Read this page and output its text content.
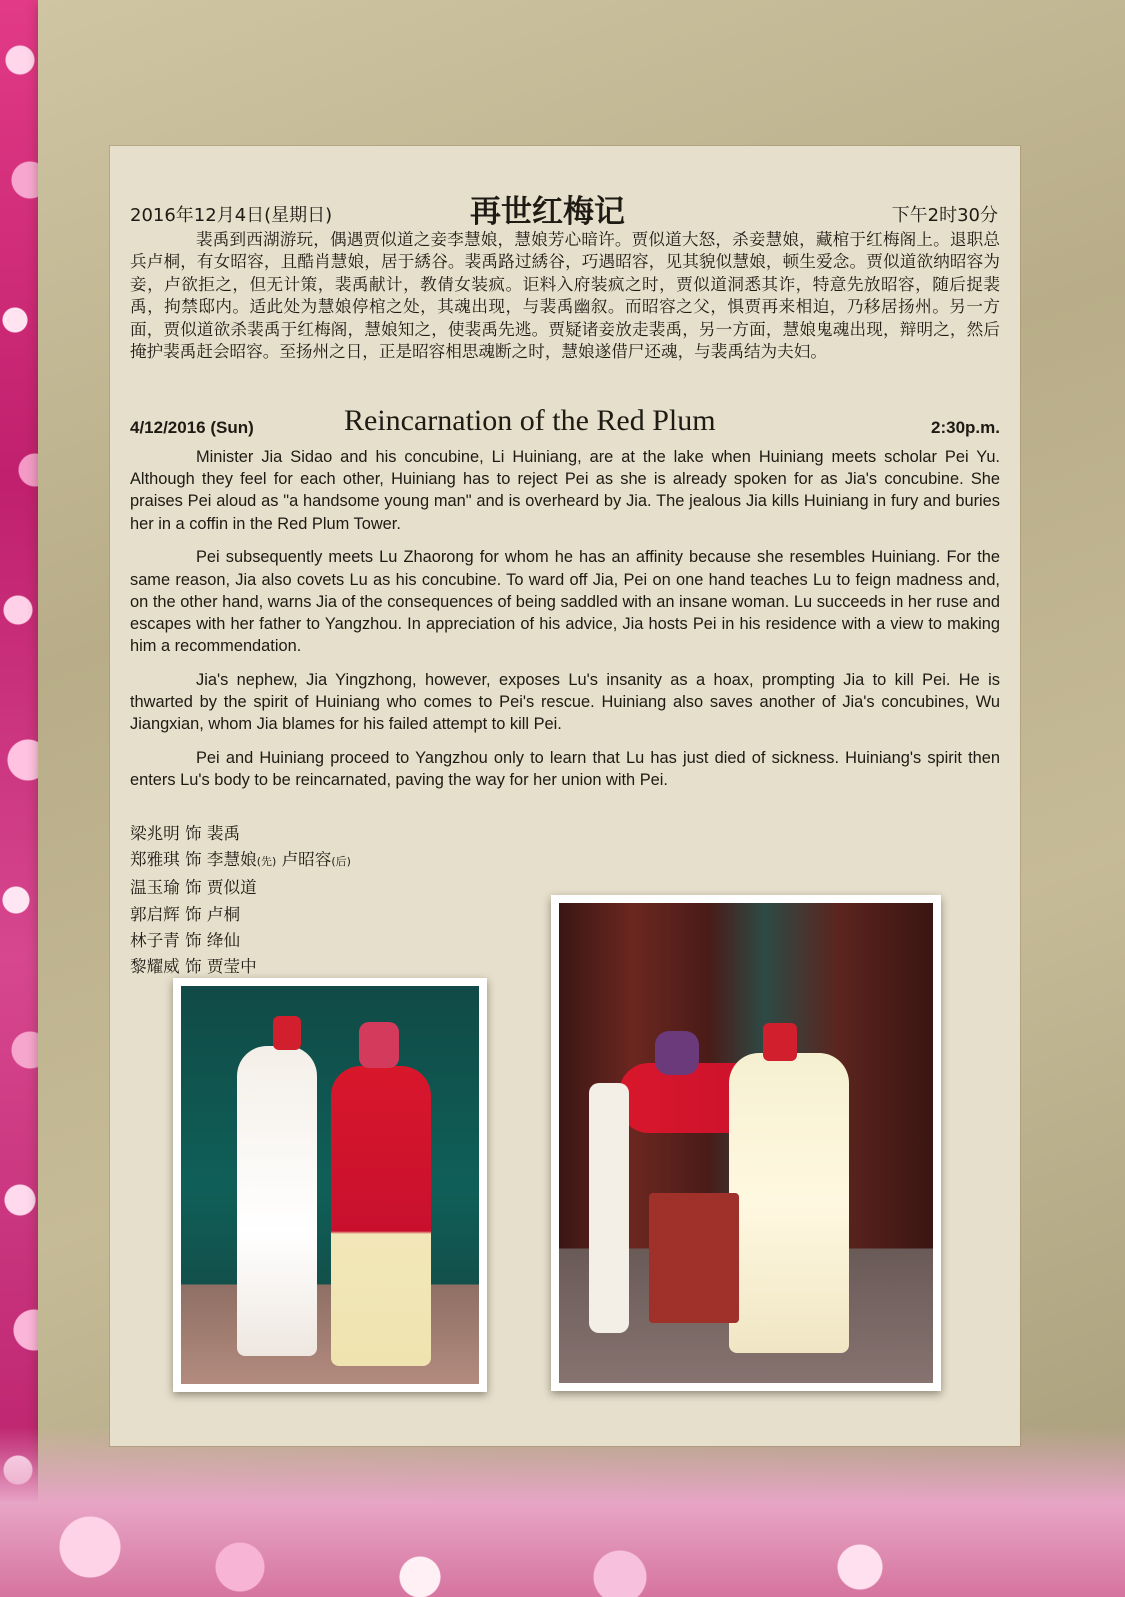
2016年12月4日(星期日)	再世红梅记	下午2时30分
裴禹到西湖游玩，偶遇贾似道之妾李慧娘，慧娘芳心暗许。贾似道大怒，杀妾慧娘，藏棺于红梅阁上。退职总兵卢桐，有女昭容，且酷肖慧娘，居于綉谷。裴禹路过綉谷，巧遇昭容，见其貌似慧娘，顿生爱念。贾似道欲纳昭容为妾，卢欲拒之，但无计策，裴禹献计，教倩女装疯。讵料入府装疯之时，贾似道洞悉其诈，特意先放昭容，随后捉裴禹，拘禁邸内。适此处为慧娘停棺之处，其魂出现，与裴禹幽叙。而昭容之父，惧贾再来相迫，乃移居扬州。另一方面，贾似道欲杀裴禹于红梅阁，慧娘知之，使裴禹先逃。贾疑诸妾放走裴禹，另一方面，慧娘鬼魂出现，辩明之，然后掩护裴禹赶会昭容。至扬州之日，正是昭容相思魂断之时，慧娘遂借尸还魂，与裴禹结为夫妇。
4/12/2016 (Sun)	Reincarnation of the Red Plum	2:30p.m.

Minister Jia Sidao and his concubine, Li Huiniang, are at the lake when Huiniang meets scholar Pei Yu. Although they feel for each other, Huiniang has to reject Pei as she is already spoken for as Jia's concubine. She praises Pei aloud as "a handsome young man" and is overheard by Jia. The jealous Jia kills Huiniang in fury and buries her in a coffin in the Red Plum Tower.

Pei subsequently meets Lu Zhaorong for whom he has an affinity because she resembles Huiniang. For the same reason, Jia also covets Lu as his concubine. To ward off Jia, Pei on one hand teaches Lu to feign madness and, on the other hand, warns Jia of the consequences of being saddled with an insane woman. Lu succeeds in her ruse and escapes with her father to Yangzhou. In appreciation of his advice, Jia hosts Pei in his residence with a view to making him a recommendation.

Jia's nephew, Jia Yingzhong, however, exposes Lu's insanity as a hoax, prompting Jia to kill Pei. He is thwarted by the spirit of Huiniang who comes to Pei's rescue. Huiniang also saves another of Jia's concubines, Wu Jiangxian, whom Jia blames for his failed attempt to kill Pei.

Pei and Huiniang proceed to Yangzhou only to learn that Lu has just died of sickness. Huiniang's spirit then enters Lu's body to be reincarnated, paving the way for her union with Pei.

梁兆明 饰 裴禹
郑雅琪 饰 李慧娘(先) 卢昭容(后)
温玉瑜 饰 贾似道
郭启辉 饰 卢桐
林子青 饰 绛仙
黎耀威 饰 贾莹中
